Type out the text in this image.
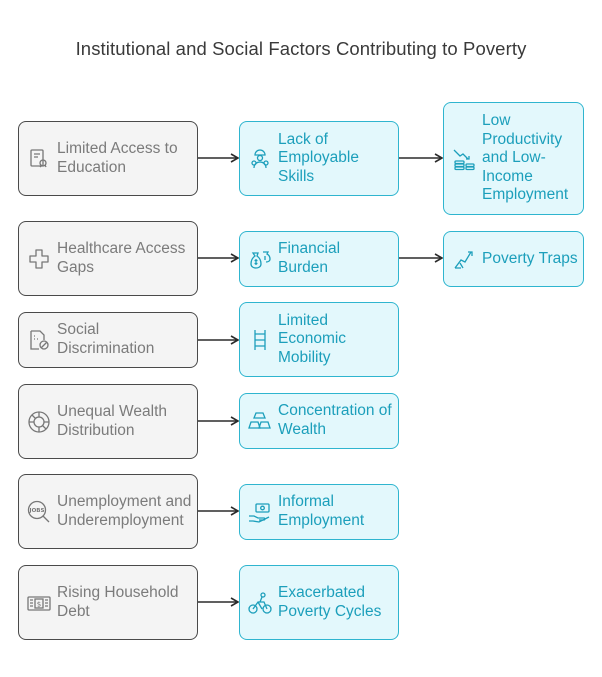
Institutional and Social Factors Contributing to Poverty
Limited Access to Education
Lack of Employable Skills
Low Productivity and Low-Income Employment
Healthcare Access Gaps
Financial Burden
Poverty Traps
Social Discrimination
Limited Economic Mobility
Unequal Wealth Distribution
Concentration of Wealth
JOBS
Unemployment and Underemployment
Informal Employment
$
Rising Household Debt
Exacerbated Poverty Cycles
